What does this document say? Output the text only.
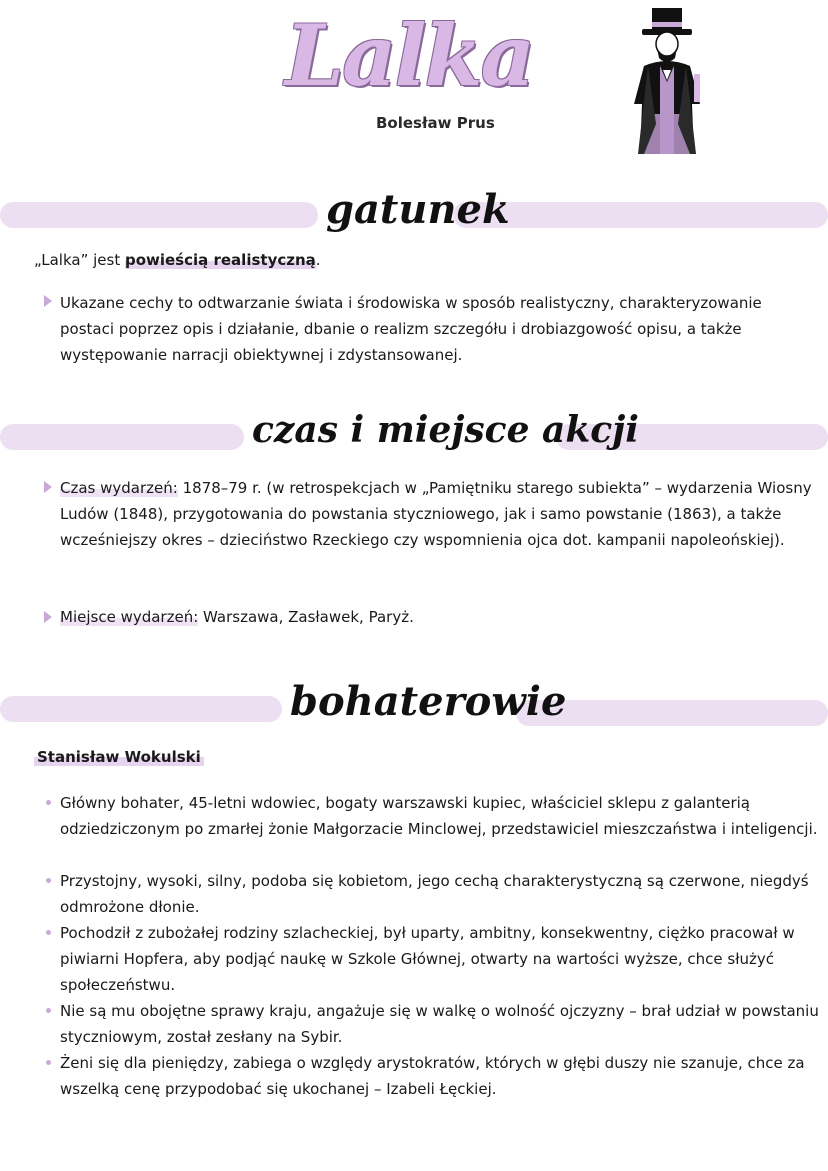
Lalka
Bolesław Prus
gatunek
„Lalka” jest powieścią realistyczną.
Ukazane cechy to odtwarzanie świata i środowiska w sposób realistyczny, charakteryzowanie postaci poprzez opis i działanie, dbanie o realizm szczegółu i drobiazgowość opisu, a także występowanie narracji obiektywnej i zdystansowanej.
czas i miejsce akcji
Czas wydarzeń: 1878–79 r. (w retrospekcjach w „Pamiętniku starego subiekta” – wydarzenia Wiosny Ludów (1848), przygotowania do powstania styczniowego, jak i samo powstanie (1863), a także wcześniejszy okres – dzieciństwo Rzeckiego czy wspomnienia ojca dot. kampanii napoleońskiej).
Miejsce wydarzeń: Warszawa, Zasławek, Paryż.
bohaterowie
Stanisław Wokulski
Główny bohater, 45-letni wdowiec, bogaty warszawski kupiec, właściciel sklepu z galanterią odziedziczonym po zmarłej żonie Małgorzacie Minclowej, przedstawiciel mieszczaństwa i inteligencji.
Przystojny, wysoki, silny, podoba się kobietom, jego cechą charakterystyczną są czerwone, niegdyś odmrożone dłonie.
Pochodził z zubożałej rodziny szlacheckiej, był uparty, ambitny, konsekwentny, ciężko pracował w piwiarni Hopfera, aby podjąć naukę w Szkole Głównej, otwarty na wartości wyższe, chce służyć społeczeństwu.
Nie są mu obojętne sprawy kraju, angażuje się w walkę o wolność ojczyzny – brał udział w powstaniu styczniowym, został zesłany na Sybir.
Żeni się dla pieniędzy, zabiega o względy arystokratów, których w głębi duszy nie szanuje, chce za wszelką cenę przypodobać się ukochanej – Izabeli Łęckiej.
